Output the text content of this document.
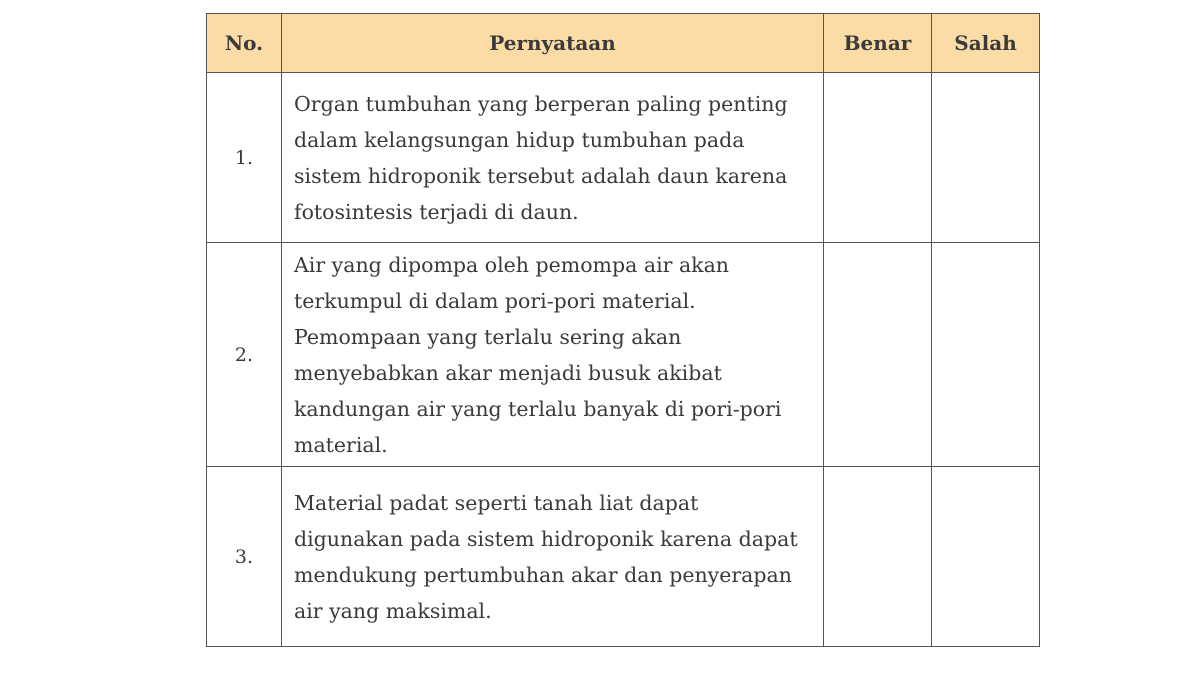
No.	Pernyataan	Benar	Salah
1.	Organ tumbuhan yang berperan paling penting dalam kelangsungan hidup tumbuhan pada sistem hidroponik tersebut adalah daun karena fotosintesis terjadi di daun.		
2.	Air yang dipompa oleh pemompa air akan terkumpul di dalam pori-pori material. Pemompaan yang terlalu sering akan menyebabkan akar menjadi busuk akibat kandungan air yang terlalu banyak di pori-pori material.		
3.	Material padat seperti tanah liat dapat digunakan pada sistem hidroponik karena dapat mendukung pertumbuhan akar dan penyerapan air yang maksimal.		
